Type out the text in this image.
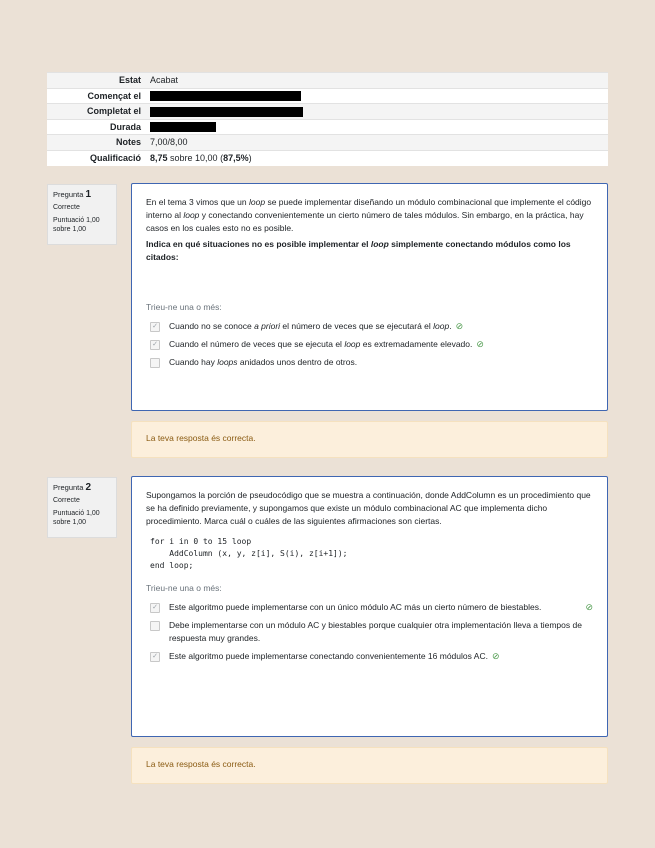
Estat	Acabat
Començat el	
Completat el	
Durada	
Notes	7,00/8,00
Qualificació	8,75 sobre 10,00 (87,5%)
Pregunta 1
Correcte
Puntuació 1,00 sobre 1,00

En el tema 3 vimos que un loop se puede implementar diseñando un módulo combinacional que implemente el código interno al loop y conectando convenientemente un cierto número de tales módulos. Sin embargo, en la práctica, hay casos en los cuales esto no es posible.

Indica en qué situaciones no es posible implementar el loop simplemente conectando módulos como los citados:

Trieu-ne una o més:
✓ Cuando no se conoce a priori el número de veces que se ejecutará el loop. ⊘
✓ Cuando el número de veces que se ejecuta el loop es extremadamente elevado. ⊘
Cuando hay loops anidados unos dentro de otros.
La teva resposta és correcta.
Pregunta 2
Correcte
Puntuació 1,00 sobre 1,00

Supongamos la porción de pseudocódigo que se muestra a continuación, donde AddColumn es un procedimiento que se ha definido previamente, y supongamos que existe un módulo combinacional AC que implementa dicho procedimiento. Marca cuál o cuáles de las siguientes afirmaciones son ciertas.

for i in 0 to 15 loop
AddColumn (x, y, z[i], S(i), z[i+1]);
end loop;
Trieu-ne una o més:
✓ Este algoritmo puede implementarse con un único módulo AC más un cierto número de biestables.	⊘
Debe implementarse con un módulo AC y biestables porque cualquier otra implementación lleva a tiempos de respuesta muy grandes.
✓ Este algoritmo puede implementarse conectando convenientemente 16 módulos AC. ⊘
La teva resposta és correcta.
